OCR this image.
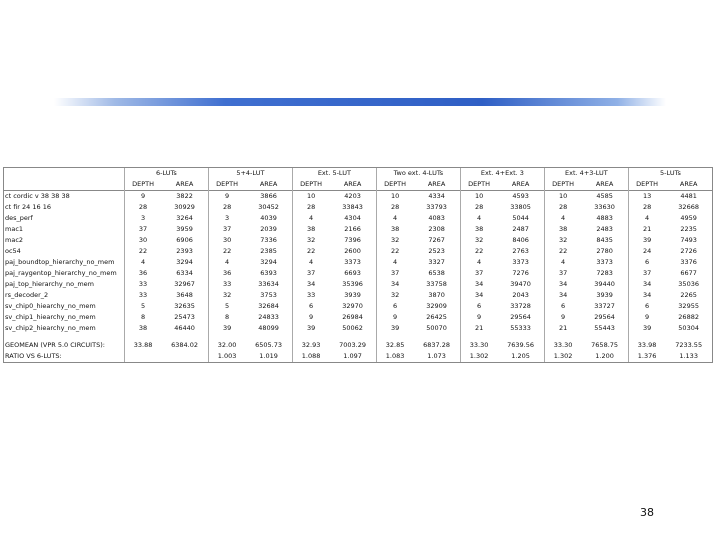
	6-LUTs		5+4-LUT		Ext. 5-LUT		Two ext. 4-LUTs		Ext. 4+Ext. 3		Ext. 4+3-LUT		5-LUTs	
	DEPTH	AREA	DEPTH	AREA	DEPTH	AREA	DEPTH	AREA	DEPTH	AREA	DEPTH	AREA	DEPTH	AREA
ct cordic v 38 38 38	9	3822	9	3866	10	4203	10	4334	10	4593	10	4585	13	4481
ct fir 24 16 16	28	30929	28	30452	28	33843	28	33793	28	33805	28	33630	28	32668
des_perf	3	3264	3	4039	4	4304	4	4083	4	5044	4	4883	4	4959
mac1	37	3959	37	2039	38	2166	38	2308	38	2487	38	2483	21	2235
mac2	30	6906	30	7336	32	7396	32	7267	32	8406	32	8435	39	7493
oc54	22	2393	22	2385	22	2600	22	2523	22	2763	22	2780	24	2726
paj_boundtop_hierarchy_no_mem	4	3294	4	3294	4	3373	4	3327	4	3373	4	3373	6	3376
paj_raygentop_hierarchy_no_mem	36	6334	36	6393	37	6693	37	6538	37	7276	37	7283	37	6677
paj_top_hierarchy_no_mem	33	32967	33	33634	34	35396	34	33758	34	39470	34	39440	34	35036
rs_decoder_2	33	3648	32	3753	33	3939	32	3870	34	2043	34	3939	34	2265
sv_chip0_hiearchy_no_mem	5	32635	5	32684	6	32970	6	32909	6	33728	6	33727	6	32955
sv_chip1_hiearchy_no_mem	8	25473	8	24833	9	26984	9	26425	9	29564	9	29564	9	26882
sv_chip2_hiearchy_no_mem	38	46440	39	48099	39	50062	39	50070	21	55333	21	55443	39	50304

GEOMEAN (VPR 5.0 CIRCUITS):	33.88	6384.02	32.00	6505.73	32.93	7003.29	32.85	6837.28	33.30	7639.56	33.30	7658.75	33.98	7233.55
RATIO VS 6-LUTS:			1.003	1.019	1.088	1.097	1.083	1.073	1.302	1.205	1.302	1.200	1.376	1.133
38
